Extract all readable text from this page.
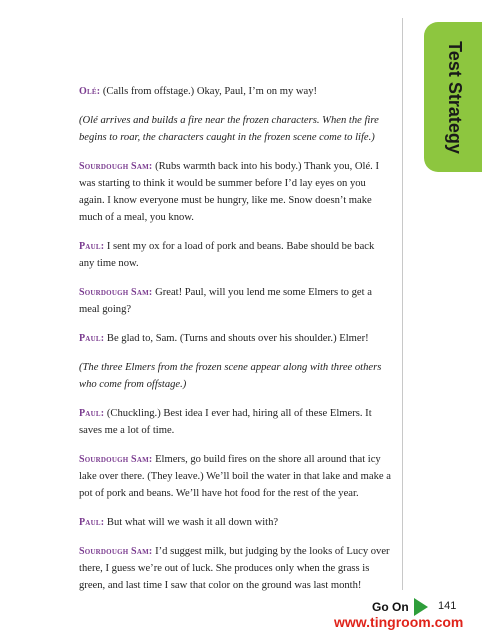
Test Strategy

Olé: (Calls from offstage.) Okay, Paul, I’m on my way!

(Olé arrives and builds a fire near the frozen characters. When the fire begins to roar, the characters caught in the frozen scene come to life.)

Sourdough Sam: (Rubs warmth back into his body.) Thank you, Olé. I was starting to think it would be summer before I’d lay eyes on you again. I know everyone must be hungry, like me. Snow doesn’t make much of a meal, you know.

Paul: I sent my ox for a load of pork and beans. Babe should be back any time now.

Sourdough Sam: Great! Paul, will you lend me some Elmers to get a meal going?

Paul: Be glad to, Sam. (Turns and shouts over his shoulder.) Elmer!

(The three Elmers from the frozen scene appear along with three others who come from offstage.)

Paul: (Chuckling.) Best idea I ever had, hiring all of these Elmers. It saves me a lot of time.

Sourdough Sam: Elmers, go build fires on the shore all around that icy lake over there. (They leave.) We’ll boil the water in that lake and make a pot of pork and beans. We’ll have hot food for the rest of the year.

Paul: But what will we wash it all down with?

Sourdough Sam: I’d suggest milk, but judging by the looks of Lucy over there, I guess we’re out of luck. She produces only when the grass is green, and last time I saw that color on the ground was last month!

Go On	141
www.tingroom.com
